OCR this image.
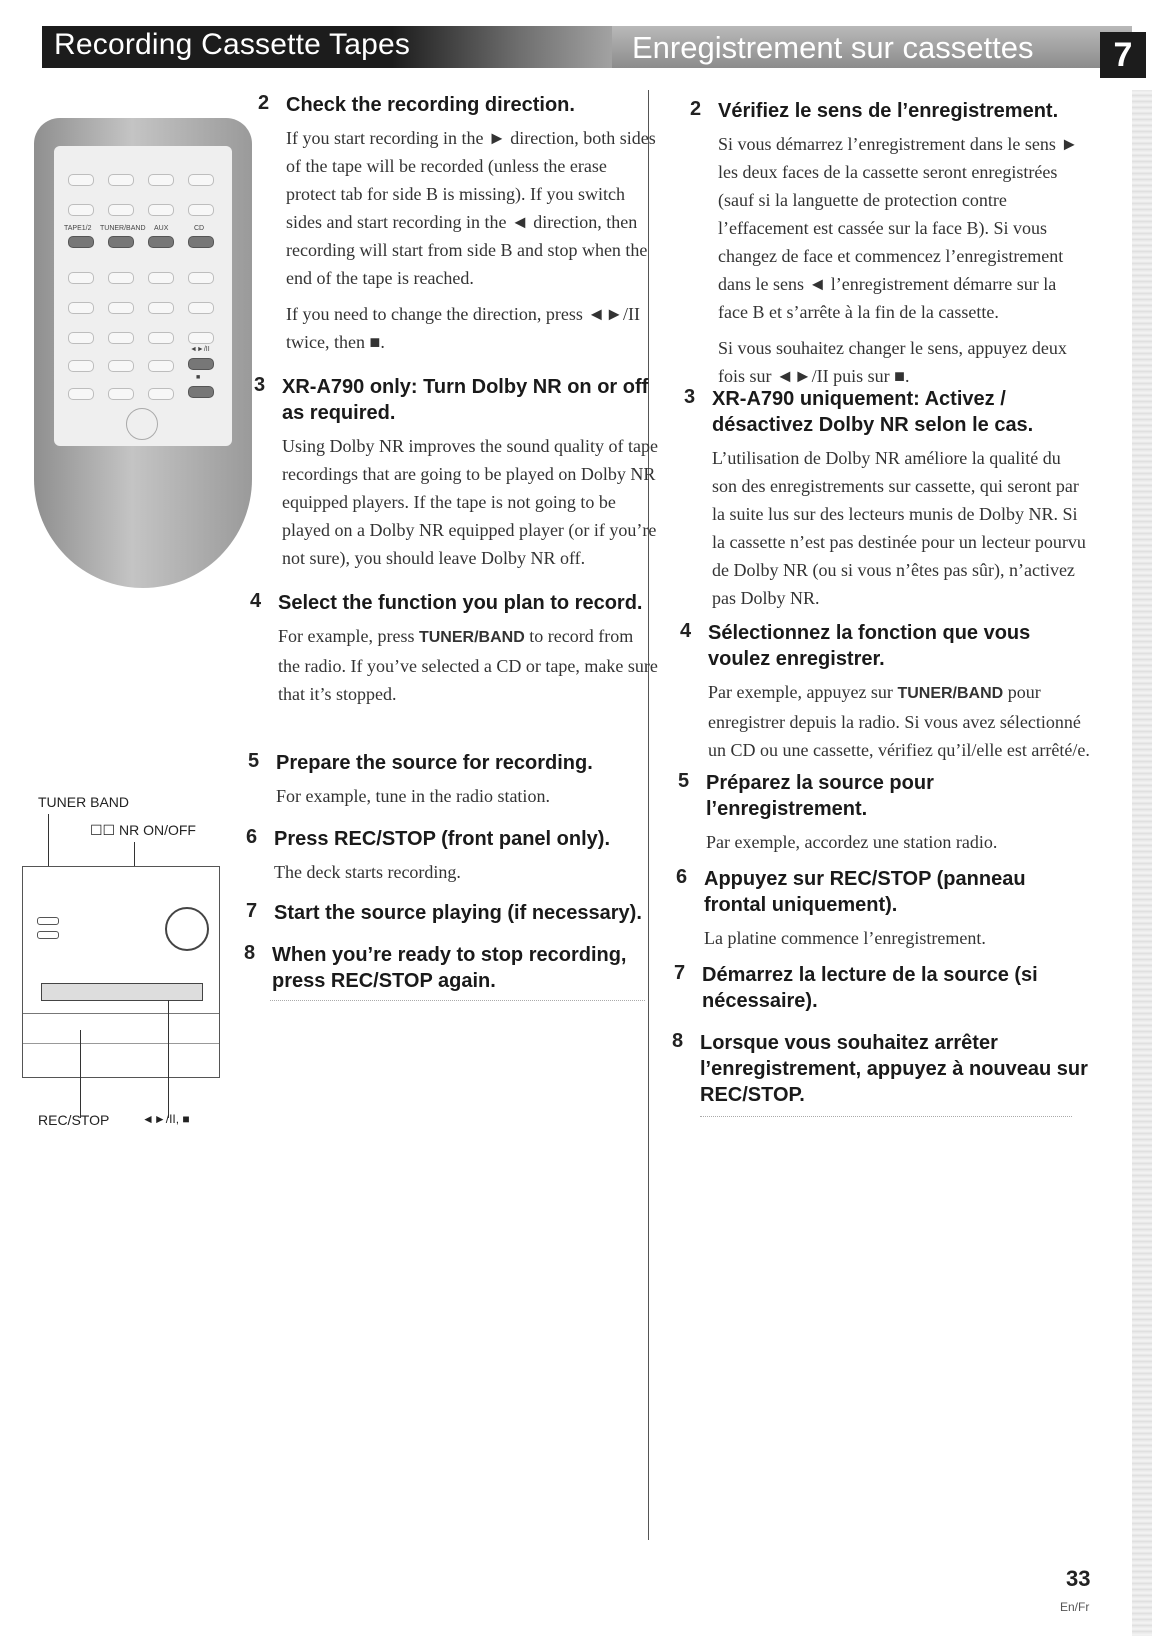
Recording Cassette Tapes	Enregistrement sur cassettes	7
TAPE1/2 TUNER/BAND AUX	CD
◄►/II
■
TUNER BAND
☐☐ NR ON/OFF
REC/STOP	◄►/II, ■
2 Check the recording direction.

If you start recording in the ► direction, both sides of the tape will be recorded (unless the erase protect tab for side B is missing). If you switch sides and start recording in the ◄ direction, then recording will start from side B and stop when the end of the tape is reached.

If you need to change the direction, press ◄►/II twice, then ■.

3 XR-A790 only: Turn Dolby NR on or off as required.

Using Dolby NR improves the sound quality of tape recordings that are going to be played on Dolby NR equipped players. If the tape is not going to be played on a Dolby NR equipped player (or if you’re not sure), you should leave Dolby NR off.

4 Select the function you plan to record.

For example, press TUNER/BAND to record from the radio. If you’ve selected a CD or tape, make sure that it’s stopped.

5 Prepare the source for recording.

For example, tune in the radio station.

6 Press REC/STOP (front panel only).

The deck starts recording.

7 Start the source playing (if necessary).
8 When you’re ready to stop recording, press REC/STOP again.
2 Vérifiez le sens de l’enregistrement.

Si vous démarrez l’enregistrement dans le sens ► les deux faces de la cassette seront enregistrées (sauf si la languette de protection contre l’effacement est cassée sur la face B). Si vous changez de face et commencez l’enregistrement dans le sens ◄ l’enregistrement démarre sur la face B et s’arrête à la fin de la cassette.

Si vous souhaitez changer le sens, appuyez deux fois sur ◄►/II puis sur ■.

3 XR-A790 uniquement: Activez / désactivez Dolby NR selon le cas.

L’utilisation de Dolby NR améliore la qualité du son des enregistrements sur cassette, qui seront par la suite lus sur des lecteurs munis de Dolby NR. Si la cassette n’est pas destinée pour un lecteur pourvu de Dolby NR (ou si vous n’êtes pas sûr), n’activez pas Dolby NR.

4 Sélectionnez la fonction que vous voulez enregistrer.

Par exemple, appuyez sur TUNER/BAND pour enregistrer depuis la radio. Si vous avez sélectionné un CD ou une cassette, vérifiez qu’il/elle est arrêté/e.

5 Préparez la source pour l’enregistrement.

Par exemple, accordez une station radio.

6 Appuyez sur REC/STOP (panneau frontal uniquement).

La platine commence l’enregistrement.

7 Démarrez la lecture de la source (si nécessaire).
8 Lorsque vous souhaitez arrêter l’enregistrement, appuyez à nouveau sur REC/STOP.
33
En/Fr
